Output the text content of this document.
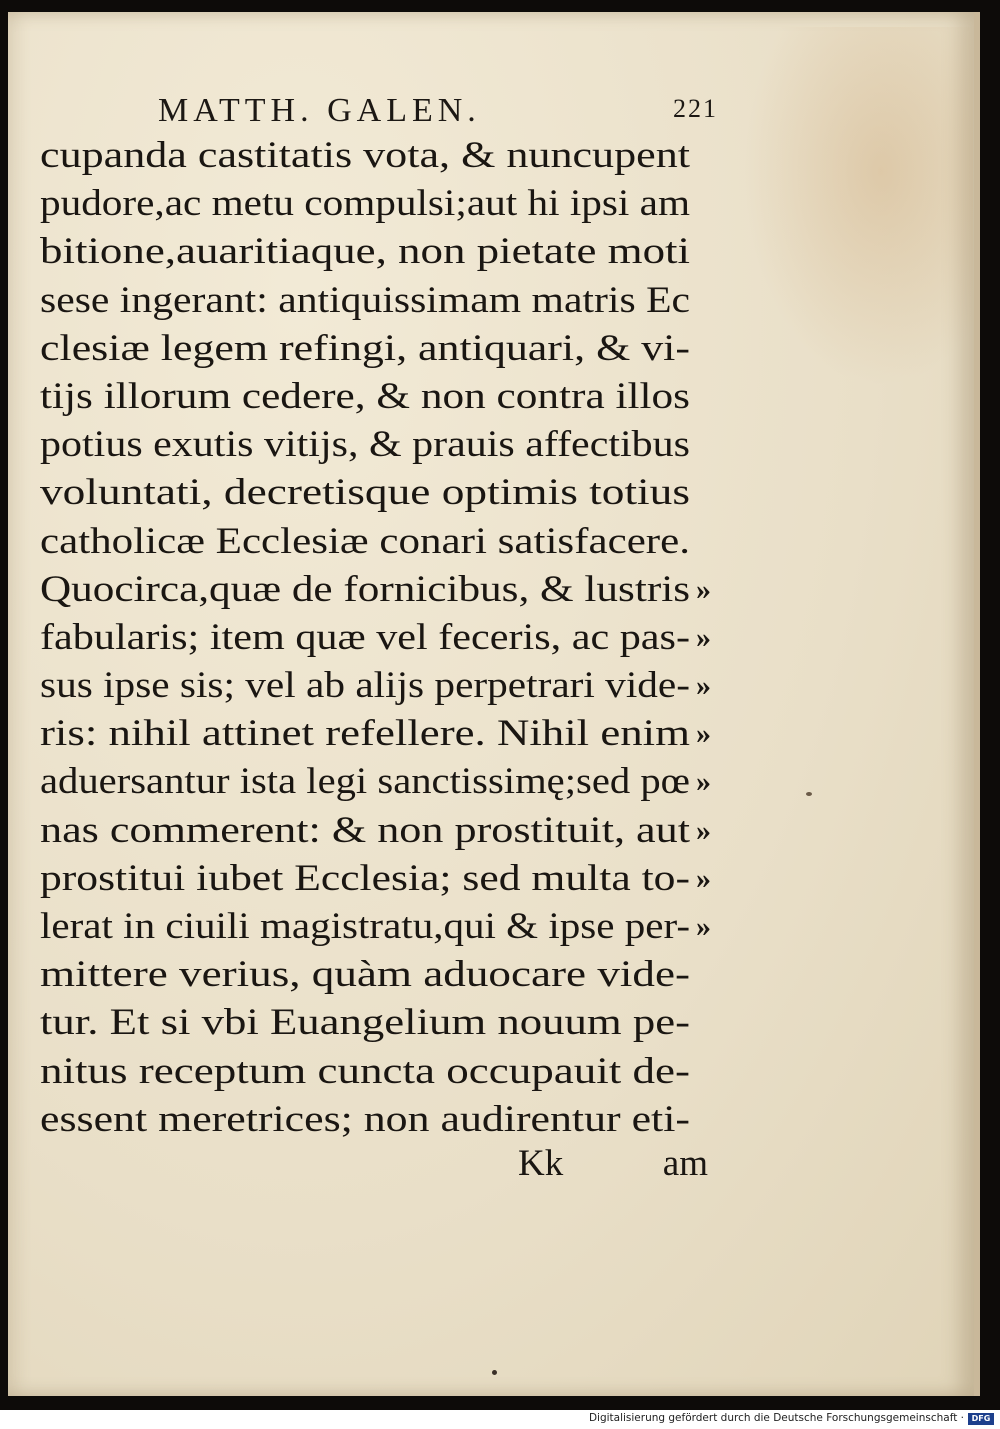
MATTH. GALEN.	221
cupanda castitatis vota, & nuncupent
pudore,ac metu compulsi;aut hi ipsi am
bitione,auaritiaque, non pietate moti
sese ingerant: antiquissimam matris Ec
clesiæ legem refingi, antiquari, & vi-
tijs illorum cedere, & non contra illos
potius exutis vitijs, & prauis affectibus
voluntati, decretisque optimis totius
catholicæ Ecclesiæ conari satisfacere.
Quocirca,quæ de fornicibus, & lustris »
fabularis; item quæ vel feceris, ac pas- »
sus ipse sis; vel ab alijs perpetrari vide- »
ris: nihil attinet refellere. Nihil enim »
aduersantur ista legi sanctissimę;sed pœ »
nas commerent: & non prostituit, aut »
prostitui iubet Ecclesia; sed multa to- »
lerat in ciuili magistratu,qui & ipse per- »
mittere verius, quàm aduocare vide-
tur. Et si vbi Euangelium nouum pe-
nitus receptum cuncta occupauit de-
essent meretrices; non audirentur eti-
Kk	am
Digitalisierung gefördert durch die Deutsche Forschungsgemeinschaft · DFG
